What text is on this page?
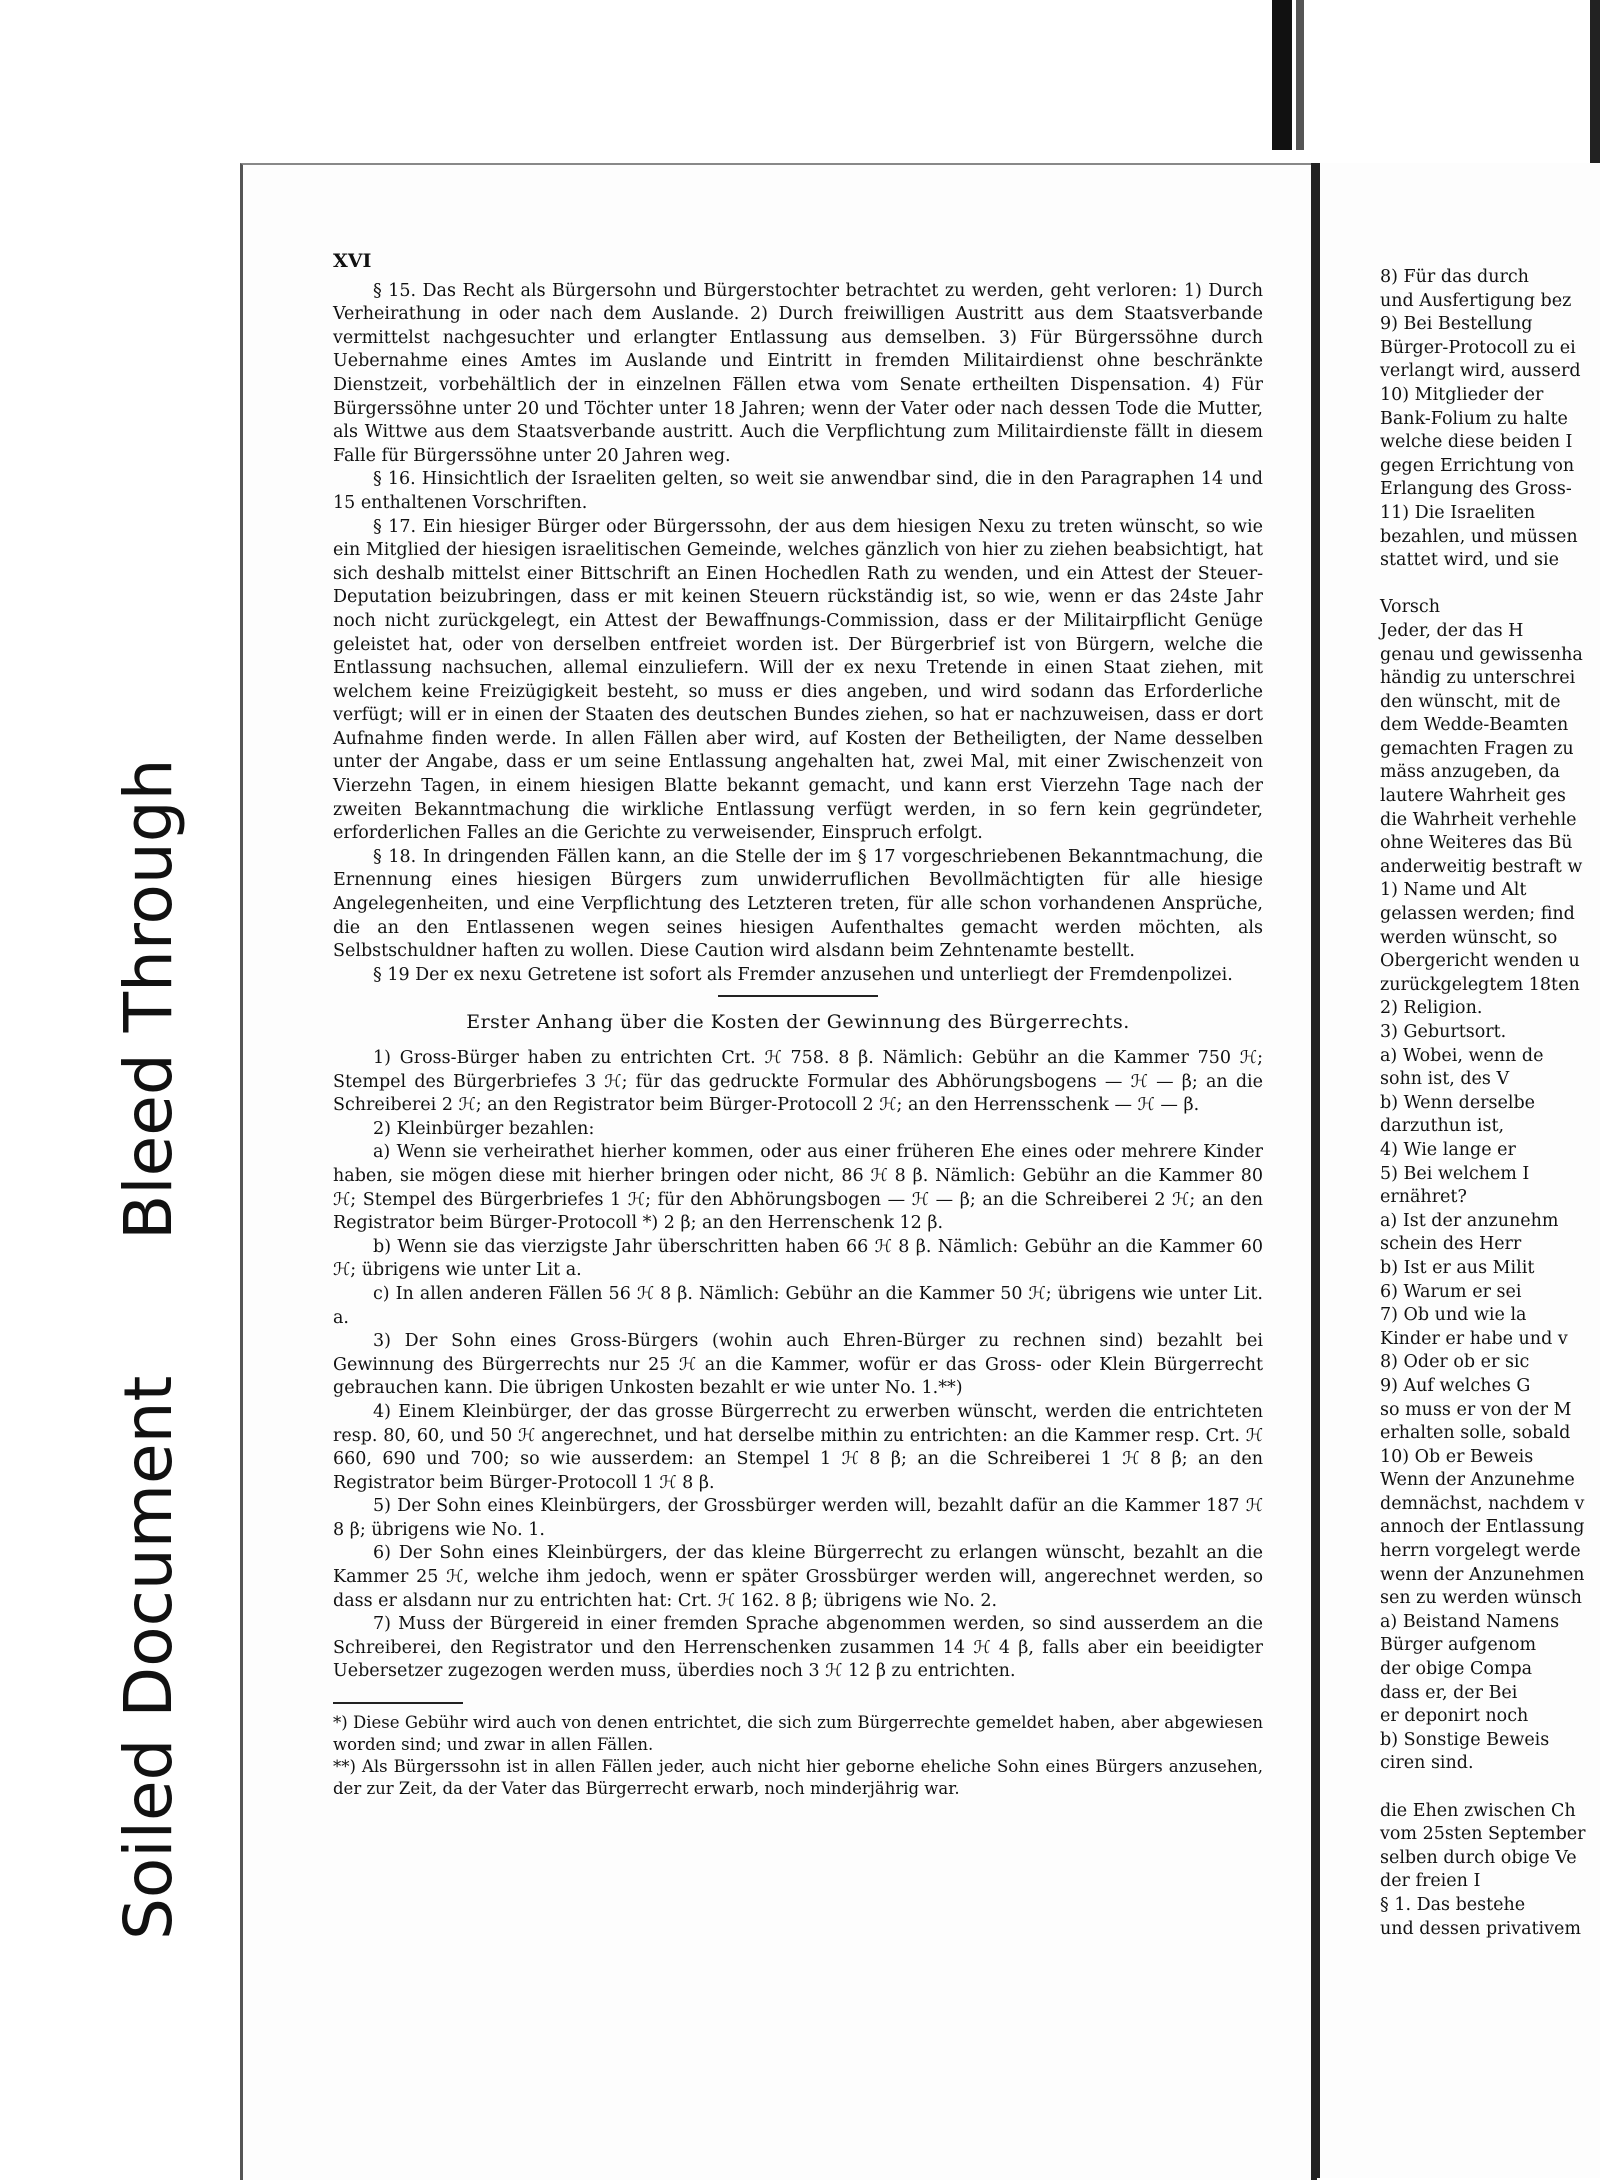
Soiled Document
Bleed Through
XVI

§ 15. Das Recht als Bürgersohn und Bürgerstochter betrachtet zu werden, geht verloren: 1) Durch Verheirathung in oder nach dem Auslande. 2) Durch freiwilligen Austritt aus dem Staatsverbande vermittelst nachgesuchter und erlangter Entlassung aus demselben. 3) Für Bürgerssöhne durch Uebernahme eines Amtes im Auslande und Eintritt in fremden Militairdienst ohne beschränkte Dienstzeit, vorbehältlich der in einzelnen Fällen etwa vom Senate ertheilten Dispensation. 4) Für Bürgerssöhne unter 20 und Töchter unter 18 Jahren; wenn der Vater oder nach dessen Tode die Mutter, als Wittwe aus dem Staatsverbande austritt. Auch die Verpflichtung zum Militairdienste fällt in diesem Falle für Bürgerssöhne unter 20 Jahren weg.

§ 16. Hinsichtlich der Israeliten gelten, so weit sie anwendbar sind, die in den Paragraphen 14 und 15 enthaltenen Vorschriften.

§ 17. Ein hiesiger Bürger oder Bürgerssohn, der aus dem hiesigen Nexu zu treten wünscht, so wie ein Mitglied der hiesigen israelitischen Gemeinde, welches gänzlich von hier zu ziehen beabsichtigt, hat sich deshalb mittelst einer Bittschrift an Einen Hochedlen Rath zu wenden, und ein Attest der Steuer-Deputation beizubringen, dass er mit keinen Steuern rückständig ist, so wie, wenn er das 24ste Jahr noch nicht zurückgelegt, ein Attest der Bewaffnungs-Commission, dass er der Militairpflicht Genüge geleistet hat, oder von derselben entfreiet worden ist. Der Bürgerbrief ist von Bürgern, welche die Entlassung nachsuchen, allemal einzuliefern. Will der ex nexu Tretende in einen Staat ziehen, mit welchem keine Freizügigkeit besteht, so muss er dies angeben, und wird sodann das Erforderliche verfügt; will er in einen der Staaten des deutschen Bundes ziehen, so hat er nachzuweisen, dass er dort Aufnahme finden werde. In allen Fällen aber wird, auf Kosten der Betheiligten, der Name desselben unter der Angabe, dass er um seine Entlassung angehalten hat, zwei Mal, mit einer Zwischenzeit von Vierzehn Tagen, in einem hiesigen Blatte bekannt gemacht, und kann erst Vierzehn Tage nach der zweiten Bekanntmachung die wirkliche Entlassung verfügt werden, in so fern kein gegründeter, erforderlichen Falles an die Gerichte zu verweisender, Einspruch erfolgt.

§ 18. In dringenden Fällen kann, an die Stelle der im § 17 vorgeschriebenen Bekanntmachung, die Ernennung eines hiesigen Bürgers zum unwiderruflichen Bevollmächtigten für alle hiesige Angelegenheiten, und eine Verpflichtung des Letzteren treten, für alle schon vorhandenen Ansprüche, die an den Entlassenen wegen seines hiesigen Aufenthaltes gemacht werden möchten, als Selbstschuldner haften zu wollen. Diese Caution wird alsdann beim Zehntenamte bestellt.

§ 19 Der ex nexu Getretene ist sofort als Fremder anzusehen und unterliegt der Fremdenpolizei.

Erster Anhang über die Kosten der Gewinnung des Bürgerrechts.

1) Gross-Bürger haben zu entrichten Crt. ℋ 758. 8 β. Nämlich: Gebühr an die Kammer 750 ℋ; Stempel des Bürgerbriefes 3 ℋ; für das gedruckte Formular des Abhörungsbogens — ℋ — β; an die Schreiberei 2 ℋ; an den Registrator beim Bürger-Protocoll 2 ℋ; an den Herrensschenk — ℋ — β.

2) Kleinbürger bezahlen:

a) Wenn sie verheirathet hierher kommen, oder aus einer früheren Ehe eines oder mehrere Kinder haben, sie mögen diese mit hierher bringen oder nicht, 86 ℋ 8 β. Nämlich: Gebühr an die Kammer 80 ℋ; Stempel des Bürgerbriefes 1 ℋ; für den Abhörungsbogen — ℋ — β; an die Schreiberei 2 ℋ; an den Registrator beim Bürger-Protocoll *) 2 β; an den Herrenschenk 12 β.

b) Wenn sie das vierzigste Jahr überschritten haben 66 ℋ 8 β. Nämlich: Gebühr an die Kammer 60 ℋ; übrigens wie unter Lit a.

c) In allen anderen Fällen 56 ℋ 8 β. Nämlich: Gebühr an die Kammer 50 ℋ; übrigens wie unter Lit. a.

3) Der Sohn eines Gross-Bürgers (wohin auch Ehren-Bürger zu rechnen sind) bezahlt bei Gewinnung des Bürgerrechts nur 25 ℋ an die Kammer, wofür er das Gross- oder Klein Bürgerrecht gebrauchen kann. Die übrigen Unkosten bezahlt er wie unter No. 1.**)

4) Einem Kleinbürger, der das grosse Bürgerrecht zu erwerben wünscht, werden die entrichteten resp. 80, 60, und 50 ℋ angerechnet, und hat derselbe mithin zu entrichten: an die Kammer resp. Crt. ℋ 660, 690 und 700; so wie ausserdem: an Stempel 1 ℋ 8 β; an die Schreiberei 1 ℋ 8 β; an den Registrator beim Bürger-Protocoll 1 ℋ 8 β.

5) Der Sohn eines Kleinbürgers, der Grossbürger werden will, bezahlt dafür an die Kammer 187 ℋ 8 β; übrigens wie No. 1.

6) Der Sohn eines Kleinbürgers, der das kleine Bürgerrecht zu erlangen wünscht, bezahlt an die Kammer 25 ℋ, welche ihm jedoch, wenn er später Grossbürger werden will, angerechnet werden, so dass er alsdann nur zu entrichten hat: Crt. ℋ 162. 8 β; übrigens wie No. 2.

7) Muss der Bürgereid in einer fremden Sprache abgenommen werden, so sind ausserdem an die Schreiberei, den Registrator und den Herrenschenken zusammen 14 ℋ 4 β, falls aber ein beeidigter Uebersetzer zugezogen werden muss, überdies noch 3 ℋ 12 β zu entrichten.

*) Diese Gebühr wird auch von denen entrichtet, die sich zum Bürgerrechte gemeldet haben, aber abgewiesen worden sind; und zwar in allen Fällen.

**) Als Bürgerssohn ist in allen Fällen jeder, auch nicht hier geborne eheliche Sohn eines Bürgers anzusehen, der zur Zeit, da der Vater das Bürgerrecht erwarb, noch minderjährig war.

8) Für das durch
und Ausfertigung bez
9) Bei Bestellung
Bürger-Protocoll zu ei
verlangt wird, ausserd
10) Mitglieder der
Bank-Folium zu halte
welche diese beiden I
gegen Errichtung von
Erlangung des Gross-
11) Die Israeliten
bezahlen, und müssen
stattet wird, und sie
Vorsch
Jeder, der das H
genau und gewissenha
händig zu unterschrei
den wünscht, mit de
dem Wedde-Beamten
gemachten Fragen zu
mäss anzugeben, da
lautere Wahrheit ges
die Wahrheit verhehle
ohne Weiteres das Bü
anderweitig bestraft w
1) Name und Alt
gelassen werden; find
werden wünscht, so
Obergericht wenden u
zurückgelegtem 18ten
2) Religion.
3) Geburtsort.
a) Wobei, wenn de
sohn ist, des V
b) Wenn derselbe
darzuthun ist,
4) Wie lange er
5) Bei welchem I
ernähret?
a) Ist der anzunehm
schein des Herr
b) Ist er aus Milit
6) Warum er sei
7) Ob und wie la
Kinder er habe und v
8) Oder ob er sic
9) Auf welches G
so muss er von der M
erhalten solle, sobald
10) Ob er Beweis
Wenn der Anzunehme
demnächst, nachdem v
annoch der Entlassung
herrn vorgelegt werde
wenn der Anzunehmen
sen zu werden wünsch
a) Beistand Namens
Bürger aufgenom
der obige Compa
dass er, der Bei
er deponirt noch
b) Sonstige Beweis
ciren sind.
die Ehen zwischen Ch
vom 25sten September
selben durch obige Ve
der freien I
§ 1. Das bestehe
und dessen privativem
